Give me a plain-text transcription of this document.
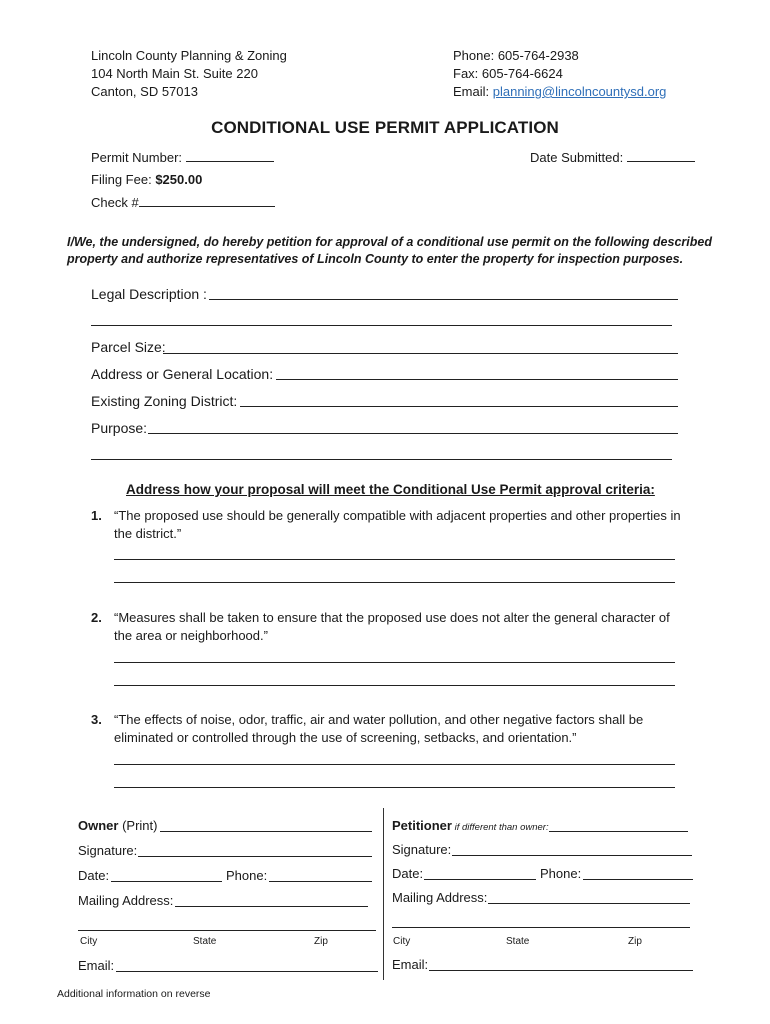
Lincoln County Planning & Zoning
104 North Main St. Suite 220
Canton, SD 57013
Phone: 605-764-2938
Fax: 605-764-6624
Email: planning@lincolncountysd.org
CONDITIONAL USE PERMIT APPLICATION
Permit Number:	Date Submitted:
Filing Fee: $250.00
Check #
I/We, the undersigned, do hereby petition for approval of a conditional use permit on the following described
property and authorize representatives of Lincoln County to enter the property for inspection purposes.
Legal Description :
Parcel Size:
Address or General Location:
Existing Zoning District:
Purpose:
Address how your proposal will meet the Conditional Use Permit approval criteria:
1. “The proposed use should be generally compatible with adjacent properties and other properties in
the district.”
2. “Measures shall be taken to ensure that the proposed use does not alter the general character of
the area or neighborhood.”
3. “The effects of noise, odor, traffic, air and water pollution, and other negative factors shall be
eliminated or controlled through the use of screening, setbacks, and orientation.”
Owner (Print)
Signature:
Date:	Phone:
Mailing Address:
City	State	Zip
Email:
Petitioner if different than owner:
Signature:
Date:	Phone:
Mailing Address:
City	State	Zip
Email:
Additional information on reverse
